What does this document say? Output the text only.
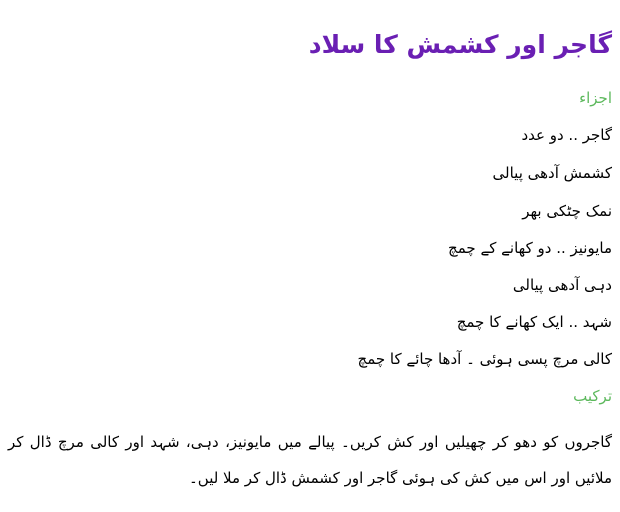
گاجر اور کشمش کا سلاد
اجزاء
گاجر .. دو عدد
کشمش آدھی پیالی
نمک چٹکی بھر
مایونیز .. دو کھانے کے چمچ
دہی آدھی پیالی
شہد .. ایک کھانے کا چمچ
کالی مرچ پسی ہوئی ۔ آدھا چائے کا چمچ
ترکیب

گاجروں کو دھو کر چھیلیں اور کش کریں۔ پیالے میں مایونیز، دہی، شہد اور کالی مرچ ڈال کر ملائیں اور اس میں کش کی ہوئی گاجر اور کشمش ڈال کر ملا لیں۔
